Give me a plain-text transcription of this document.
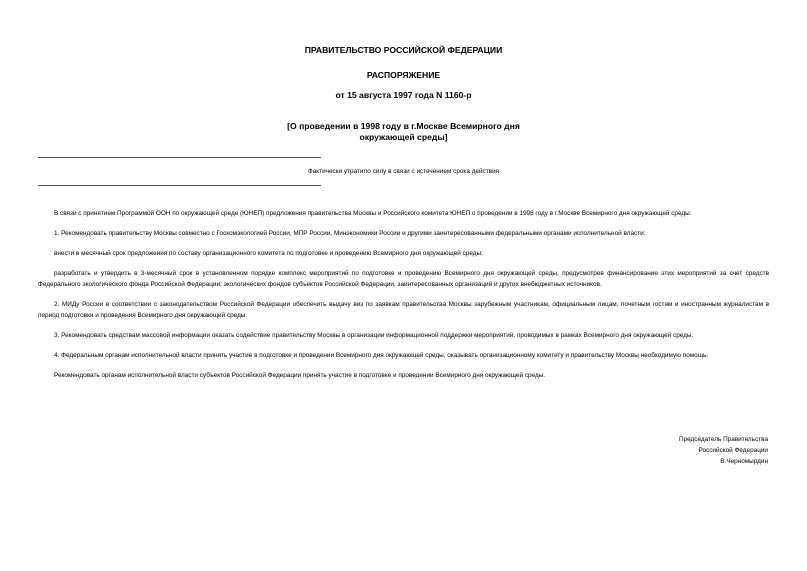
ПРАВИТЕЛЬСТВО РОССИЙСКОЙ ФЕДЕРАЦИИ
РАСПОРЯЖЕНИЕ
от 15 августа 1997 года N 1160-р
[О проведении в 1998 году в г.Москве Всемирного дня
окружающей среды]
Фактически утратило силу в связи с истечением срока действия

В связи с принятием Программой ООН по окружающей среде (ЮНЕП) предложения правительства Москвы и Российского комитета ЮНЕП о проведении в 1998 году в г.Москве Всемирного дня окружающей среды:

1. Рекомендовать правительству Москвы совместно с Госкомэкологией России, МПР России, Минэкономики России и другими заинтересованными федеральными органами исполнительной власти:

внести в месячный срок предложения по составу организационного комитета по подготовке и проведению Всемирного дня окружающей среды;

разработать и утвердить в 3-месячный срок в установленном порядке комплекс мероприятий по подготовке и проведению Всемирного дня окружающей среды, предусмотрев финансирование этих мероприятий за счет средств Федерального экологического фонда Российской Федерации, экологических фондов субъектов Российской Федерации, заинтересованных организаций и других внебюджетных источников.

2. МИДу России в соответствии с законодательством Российской Федерации обеспечить выдачу виз по заявкам правительства Москвы зарубежным участникам, официальным лицам, почетным гостям и иностранным журналистам в период подготовки и проведения Всемирного дня окружающей среды.

3. Рекомендовать средствам массовой информации оказать содействие правительству Москвы в организации информационной поддержки мероприятий, проводимых в рамках Всемирного дня окружающей среды.

4. Федеральным органам исполнительной власти принять участие в подготовке и проведении Всемирного дня окружающей среды, оказывать организационному комитету и правительству Москвы необходимую помощь.

Рекомендовать органам исполнительной власти субъектов Российской Федерации принять участие в подготовке и проведении Всемирного дня окружающей среды.

Председатель Правительства
Российской Федерации
В.Черномырдин
